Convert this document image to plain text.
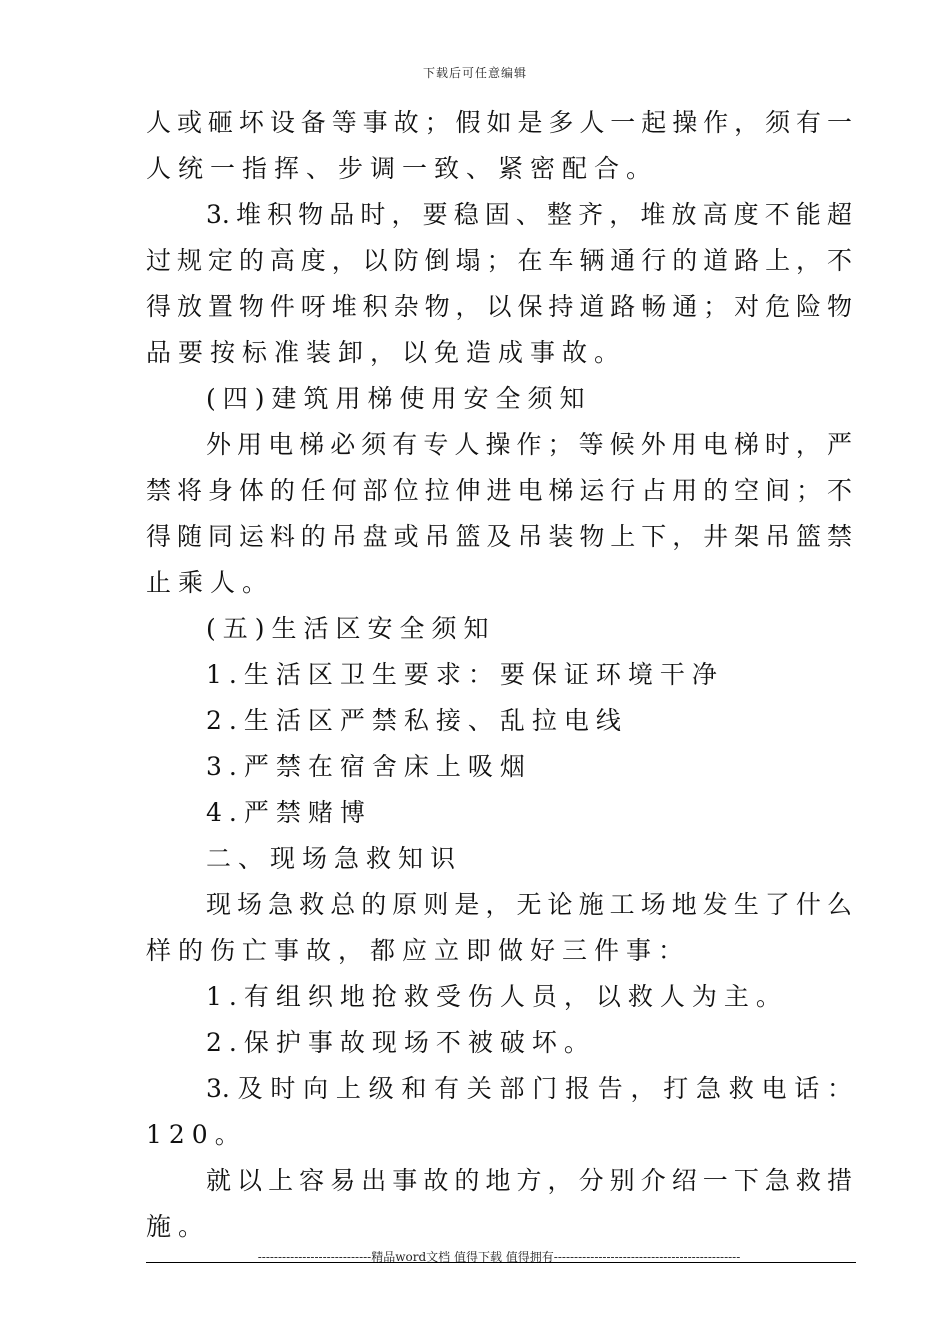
下载后可任意编辑
人或砸坏设备等事故；假如是多人一起操作，须有一
人统一指挥、步调一致、紧密配合。
3.堆积物品时，要稳固、整齐，堆放高度不能超
过规定的高度，以防倒塌；在车辆通行的道路上，不
得放置物件呀堆积杂物，以保持道路畅通；对危险物
品要按标准装卸，以免造成事故。
(四)建筑用梯使用安全须知
外用电梯必须有专人操作；等候外用电梯时，严
禁将身体的任何部位拉伸进电梯运行占用的空间；不
得随同运料的吊盘或吊篮及吊装物上下，井架吊篮禁
止乘人。
(五)生活区安全须知
1.生活区卫生要求：要保证环境干净
2.生活区严禁私接、乱拉电线
3.严禁在宿舍床上吸烟
4.严禁赌博
二、现场急救知识
现场急救总的原则是，无论施工场地发生了什么
样的伤亡事故，都应立即做好三件事：
1.有组织地抢救受伤人员，以救人为主。
2.保护事故现场不被破坏。
3.及时向上级和有关部门报告，打急救电话：
120。
就以上容易出事故的地方，分别介绍一下急救措
施。
----------------------------精品word文档 值得下载 值得拥有----------------------------------------------
